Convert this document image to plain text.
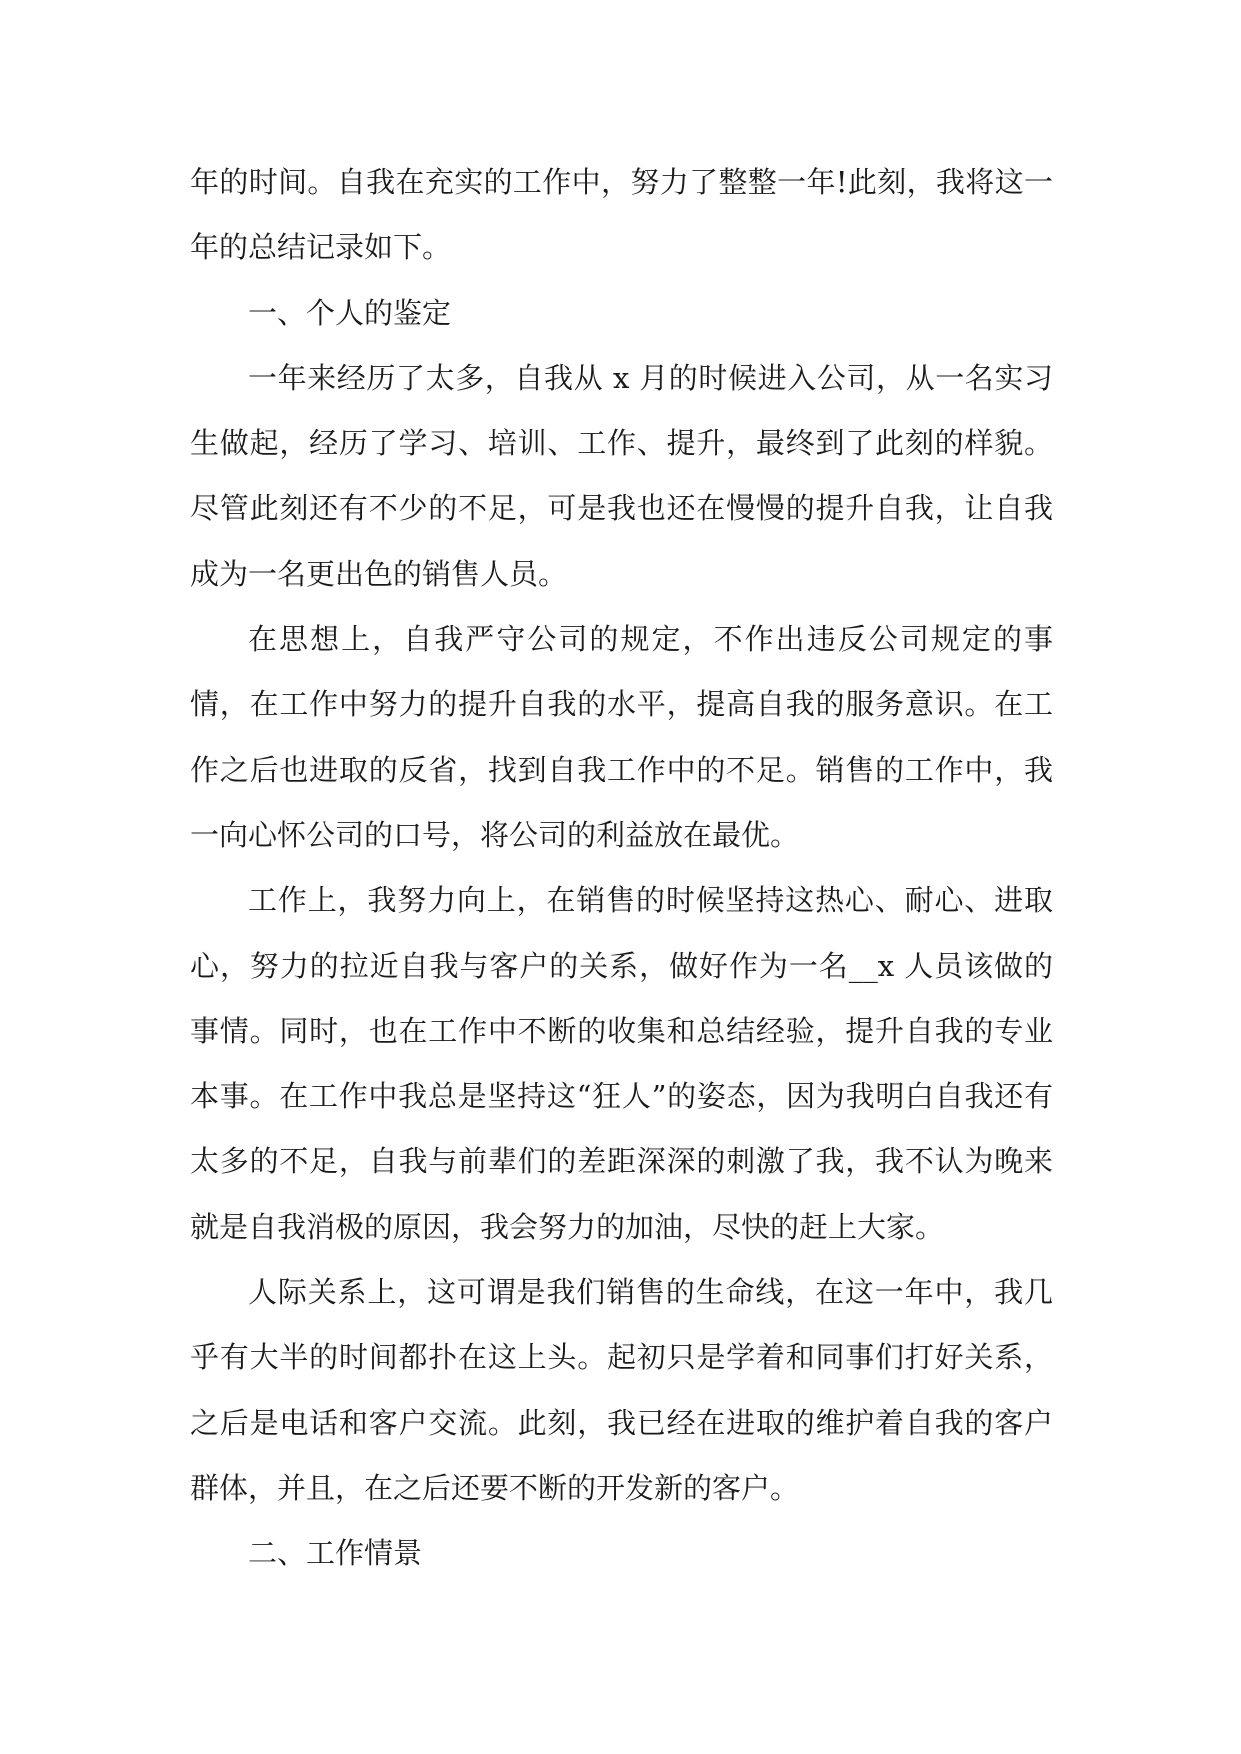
年的时间。自我在充实的工作中，努力了整整一年!此刻，我将这一年的总结记录如下。

一、个人的鉴定

一年来经历了太多，自我从 x 月的时候进入公司，从一名实习生做起，经历了学习、培训、工作、提升，最终到了此刻的样貌。尽管此刻还有不少的不足，可是我也还在慢慢的提升自我，让自我成为一名更出色的销售人员。

在思想上，自我严守公司的规定，不作出违反公司规定的事情，在工作中努力的提升自我的水平，提高自我的服务意识。在工作之后也进取的反省，找到自我工作中的不足。销售的工作中，我一向心怀公司的口号，将公司的利益放在最优。

工作上，我努力向上，在销售的时候坚持这热心、耐心、进取心，努力的拉近自我与客户的关系，做好作为一名__x 人员该做的事情。同时，也在工作中不断的收集和总结经验，提升自我的专业本事。在工作中我总是坚持这“狂人”的姿态，因为我明白自我还有太多的不足，自我与前辈们的差距深深的刺激了我，我不认为晚来就是自我消极的原因，我会努力的加油，尽快的赶上大家。

人际关系上，这可谓是我们销售的生命线，在这一年中，我几乎有大半的时间都扑在这上头。起初只是学着和同事们打好关系，之后是电话和客户交流。此刻，我已经在进取的维护着自我的客户群体，并且，在之后还要不断的开发新的客户。

二、工作情景
